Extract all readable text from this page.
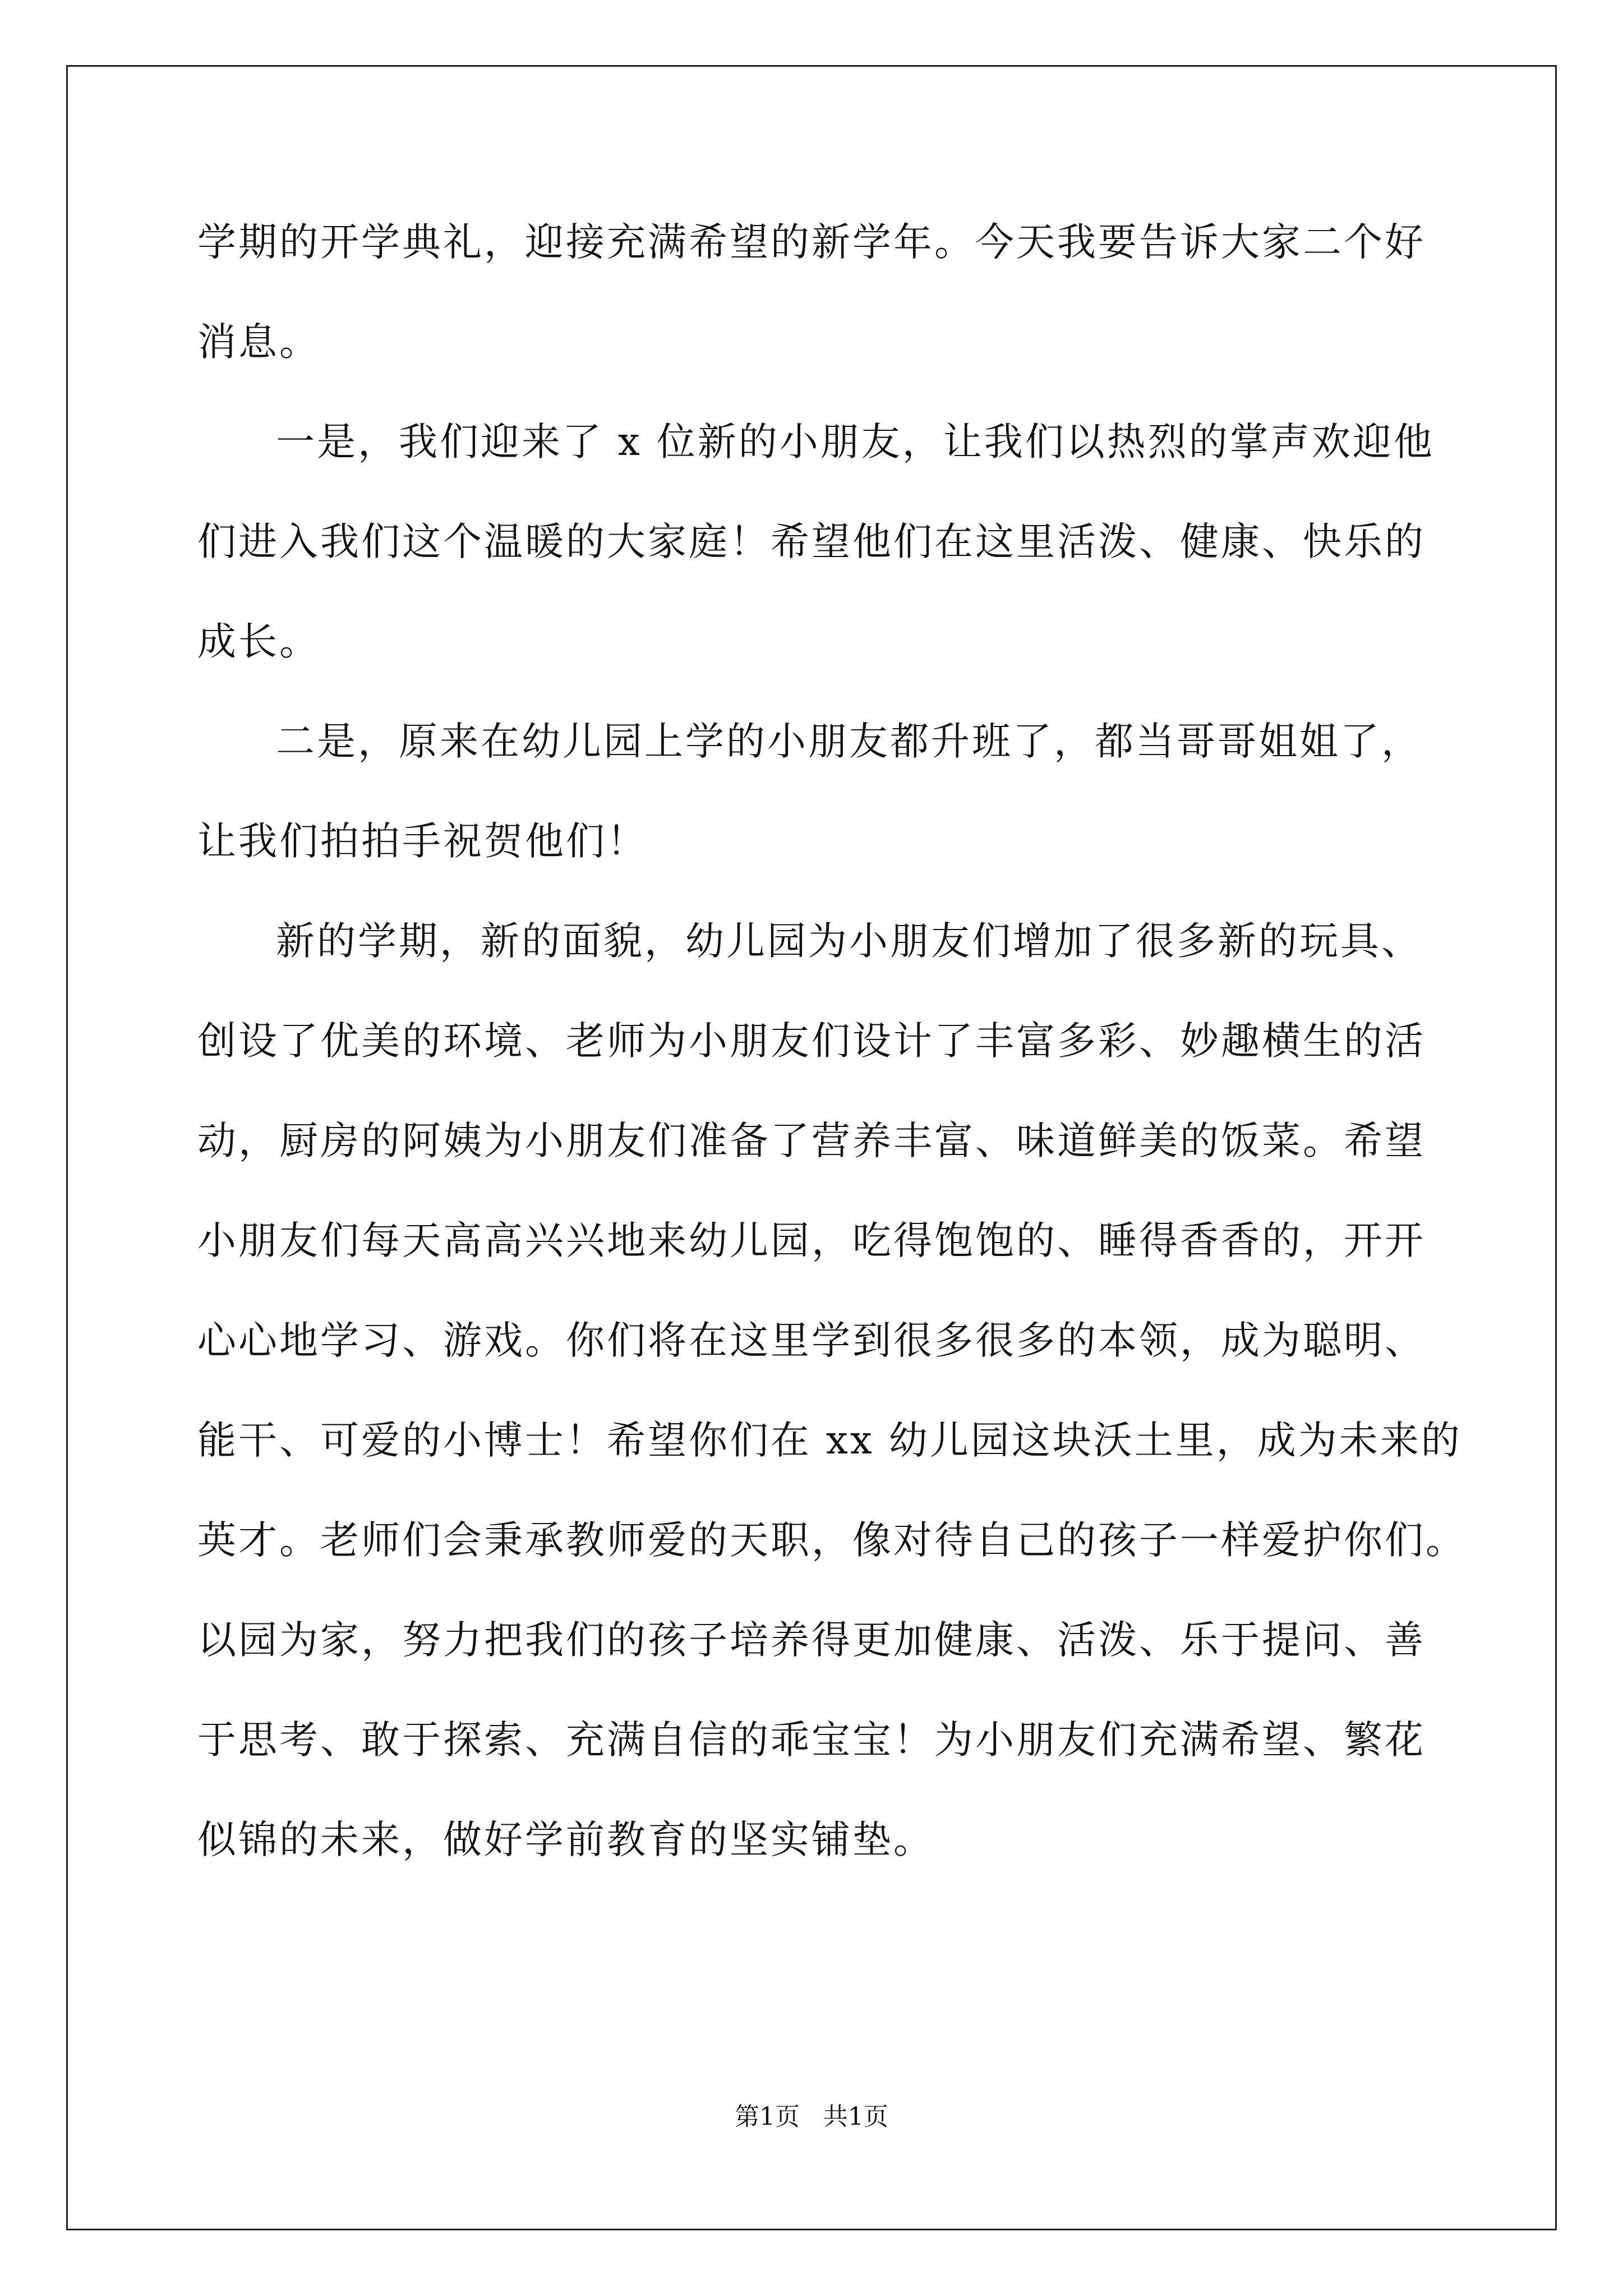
学期的开学典礼，迎接充满希望的新学年。今天我要告诉大家二个好
消息。
一是，我们迎来了 x 位新的小朋友，让我们以热烈的掌声欢迎他
们进入我们这个温暖的大家庭！希望他们在这里活泼、健康、快乐的
成长。
二是，原来在幼儿园上学的小朋友都升班了，都当哥哥姐姐了，
让我们拍拍手祝贺他们！
新的学期，新的面貌，幼儿园为小朋友们增加了很多新的玩具、
创设了优美的环境、老师为小朋友们设计了丰富多彩、妙趣横生的活
动，厨房的阿姨为小朋友们准备了营养丰富、味道鲜美的饭菜。希望
小朋友们每天高高兴兴地来幼儿园，吃得饱饱的、睡得香香的，开开
心心地学习、游戏。你们将在这里学到很多很多的本领，成为聪明、
能干、可爱的小博士！希望你们在 xx 幼儿园这块沃土里，成为未来的
英才。老师们会秉承教师爱的天职，像对待自己的孩子一样爱护你们。
以园为家，努力把我们的孩子培养得更加健康、活泼、乐于提问、善
于思考、敢于探索、充满自信的乖宝宝！为小朋友们充满希望、繁花
似锦的未来，做好学前教育的坚实铺垫。
第1页   共1页
